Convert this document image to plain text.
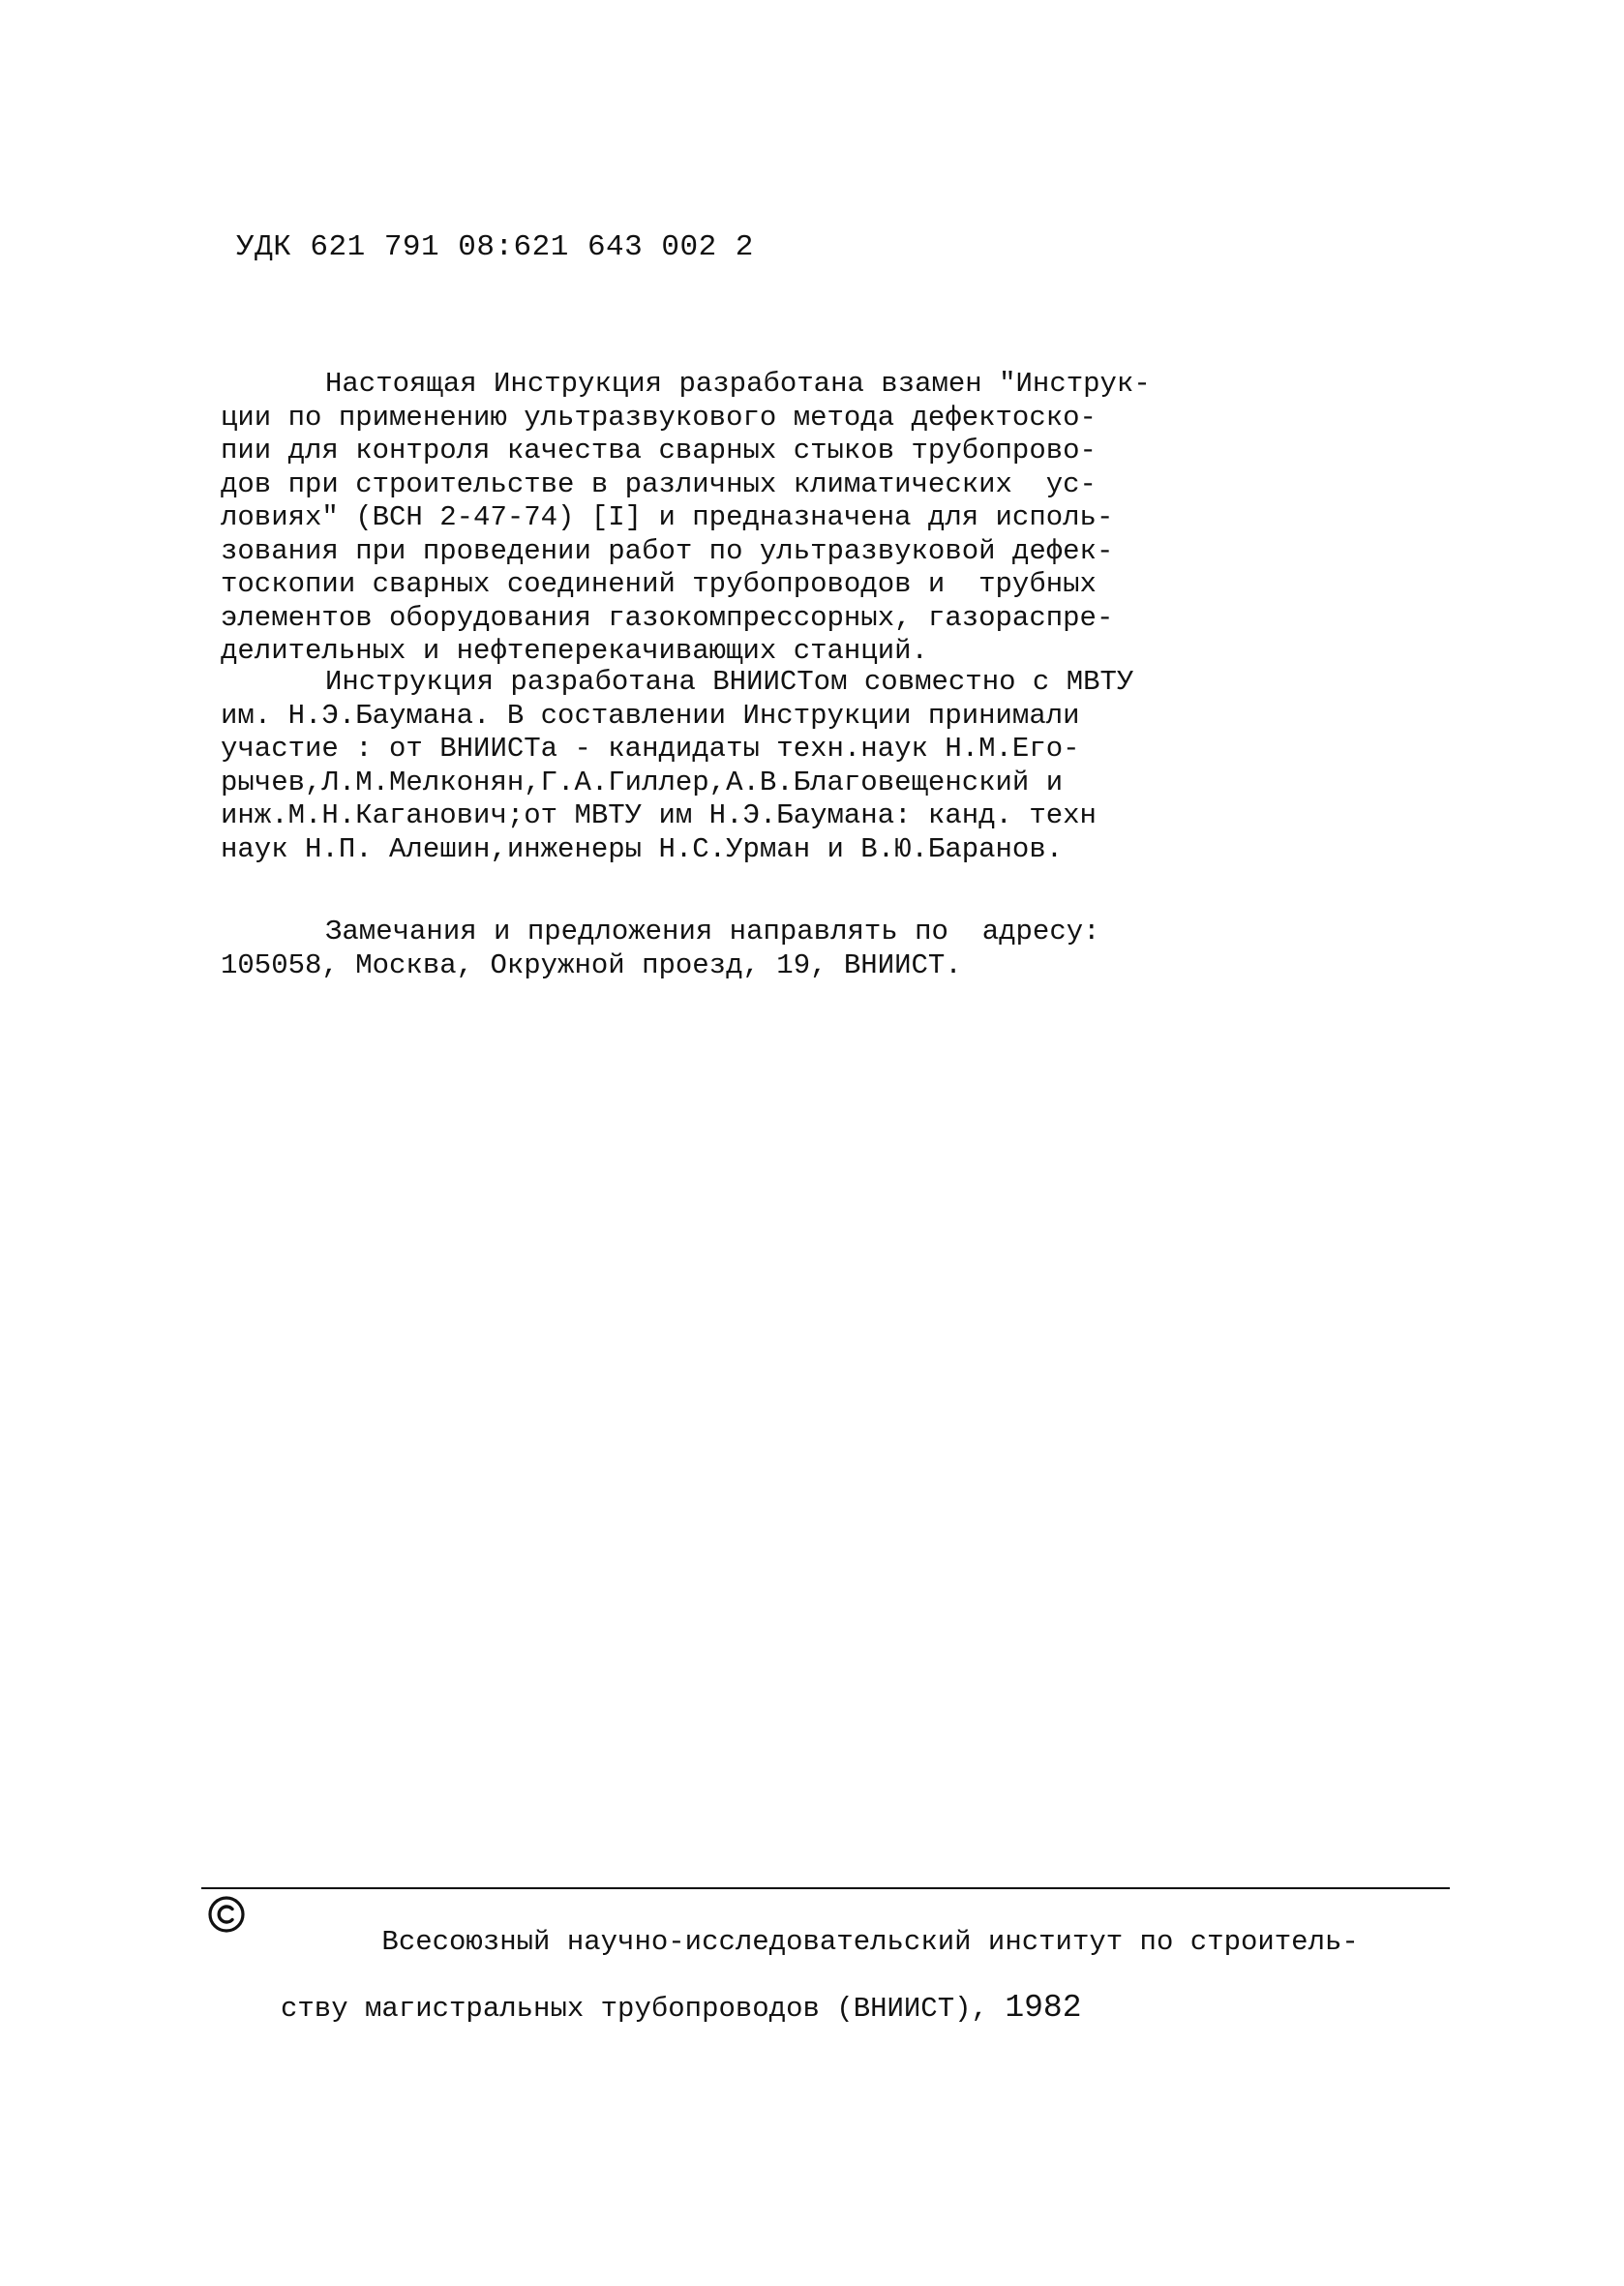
УДК 621 791 08:621 643 002 2
Настоящая Инструкция разработана взамен "Инструк-
ции по применению ультразвукового метода дефектоско-
пии для контроля качества сварных стыков трубопрово-
дов при строительстве в различных климатических  ус-
ловиях" (ВСН 2-47-74) [I] и предназначена для исполь-
зования при проведении работ по ультразвуковой дефек-
тоскопии сварных соединений трубопроводов и  трубных
элементов оборудования газокомпрессорных, газораспре-
делительных и нефтеперекачивающих станций.
Инструкция разработана ВНИИСТом совместно с МВТУ
им. Н.Э.Баумана. В составлении Инструкции принимали
участие : от ВНИИСТа - кандидаты техн.наук Н.М.Его-
рычев,Л.М.Мелконян,Г.А.Гиллер,А.В.Благовещенский и
инж.М.Н.Каганович;от МВТУ им Н.Э.Баумана: канд. техн
наук Н.П. Алешин,инженеры Н.С.Урман и В.Ю.Баранов.
Замечания и предложения направлять по  адресу:
105058, Москва, Окружной проезд, 19, ВНИИСТ.

Всесоюзный научно-исследовательский институт по строитель-

ству магистральных трубопроводов (ВНИИСТ), 1982
